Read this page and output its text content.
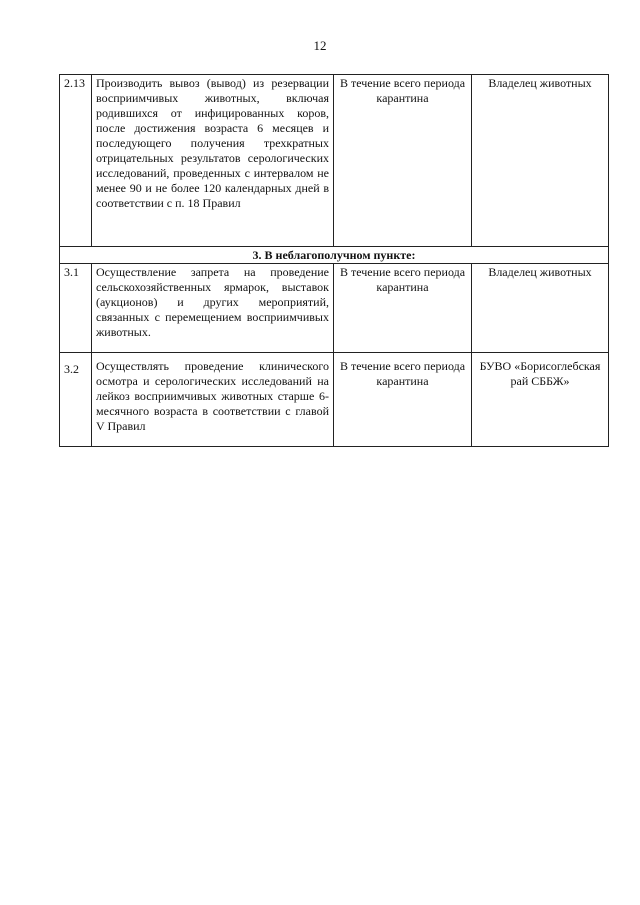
12
2.13	Производить вывоз (вывод) из резервации восприимчивых животных, включая родившихся от инфицированных коров, после достижения возраста 6 месяцев и последующего получения трехкратных отрицательных результатов серологических исследований, проведенных с интервалом не менее 90 и не более 120 календарных дней в соответствии с п. 18 Правил	В течение всего периода карантина	Владелец животных
3. В неблагополучном пункте:			
3.1	Осуществление запрета на проведение сельскохозяйственных ярмарок, выставок (аукционов) и других мероприятий, связанных с перемещением восприимчивых животных.	В течение всего периода карантина	Владелец животных
3.2	Осуществлять проведение клинического осмотра и серологических исследований на лейкоз восприимчивых животных старше 6-месячного возраста в соответствии с главой V Правил	В течение всего периода карантина	БУВО «Борисоглебская рай СББЖ»
